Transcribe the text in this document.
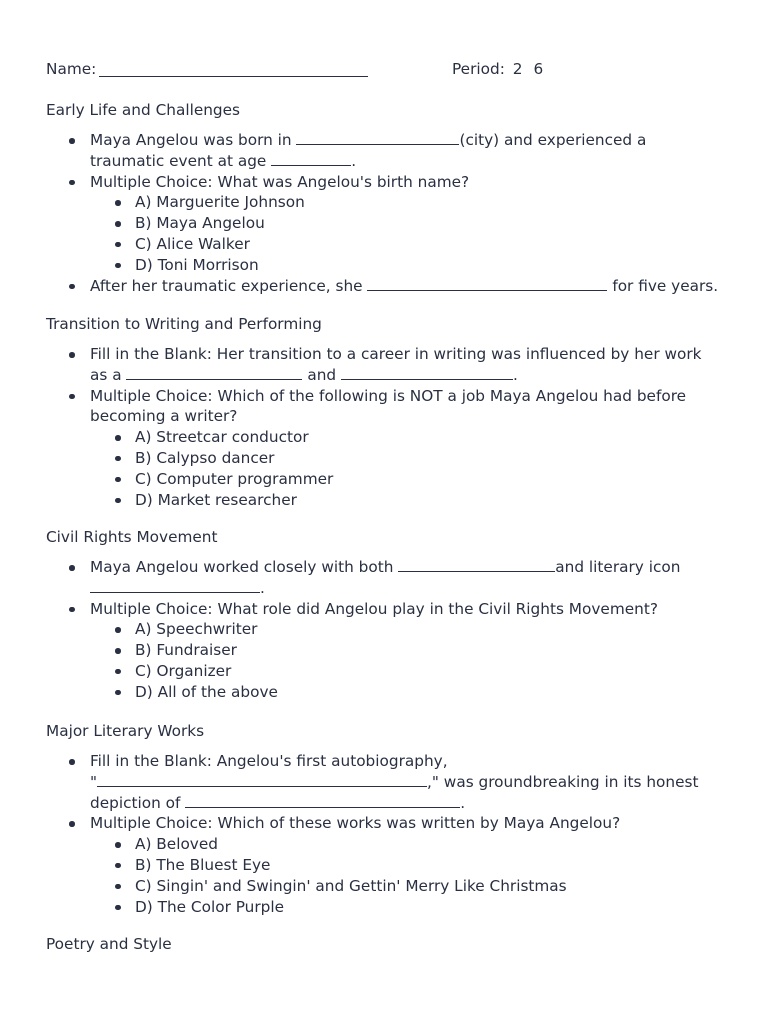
Name:	Period: 2 6
Early Life and Challenges
Maya Angelou was born in	(city) and experienced a
traumatic event at age	.
Multiple Choice: What was Angelou's birth name?
A) Marguerite Johnson
B) Maya Angelou
C) Alice Walker
D) Toni Morrison
After her traumatic experience, she	for five years.
Transition to Writing and Performing
Fill in the Blank: Her transition to a career in writing was influenced by her work
as a	and	.
Multiple Choice: Which of the following is NOT a job Maya Angelou had before becoming a writer?
A) Streetcar conductor
B) Calypso dancer
C) Computer programmer
D) Market researcher
Civil Rights Movement
Maya Angelou worked closely with both	and literary icon
.
Multiple Choice: What role did Angelou play in the Civil Rights Movement?
A) Speechwriter
B) Fundraiser
C) Organizer
D) All of the above
Major Literary Works
Fill in the Blank: Angelou's first autobiography,
"	," was groundbreaking in its honest
depiction of	.
Multiple Choice: Which of these works was written by Maya Angelou?
A) Beloved
B) The Bluest Eye
C) Singin' and Swingin' and Gettin' Merry Like Christmas
D) The Color Purple
Poetry and Style
